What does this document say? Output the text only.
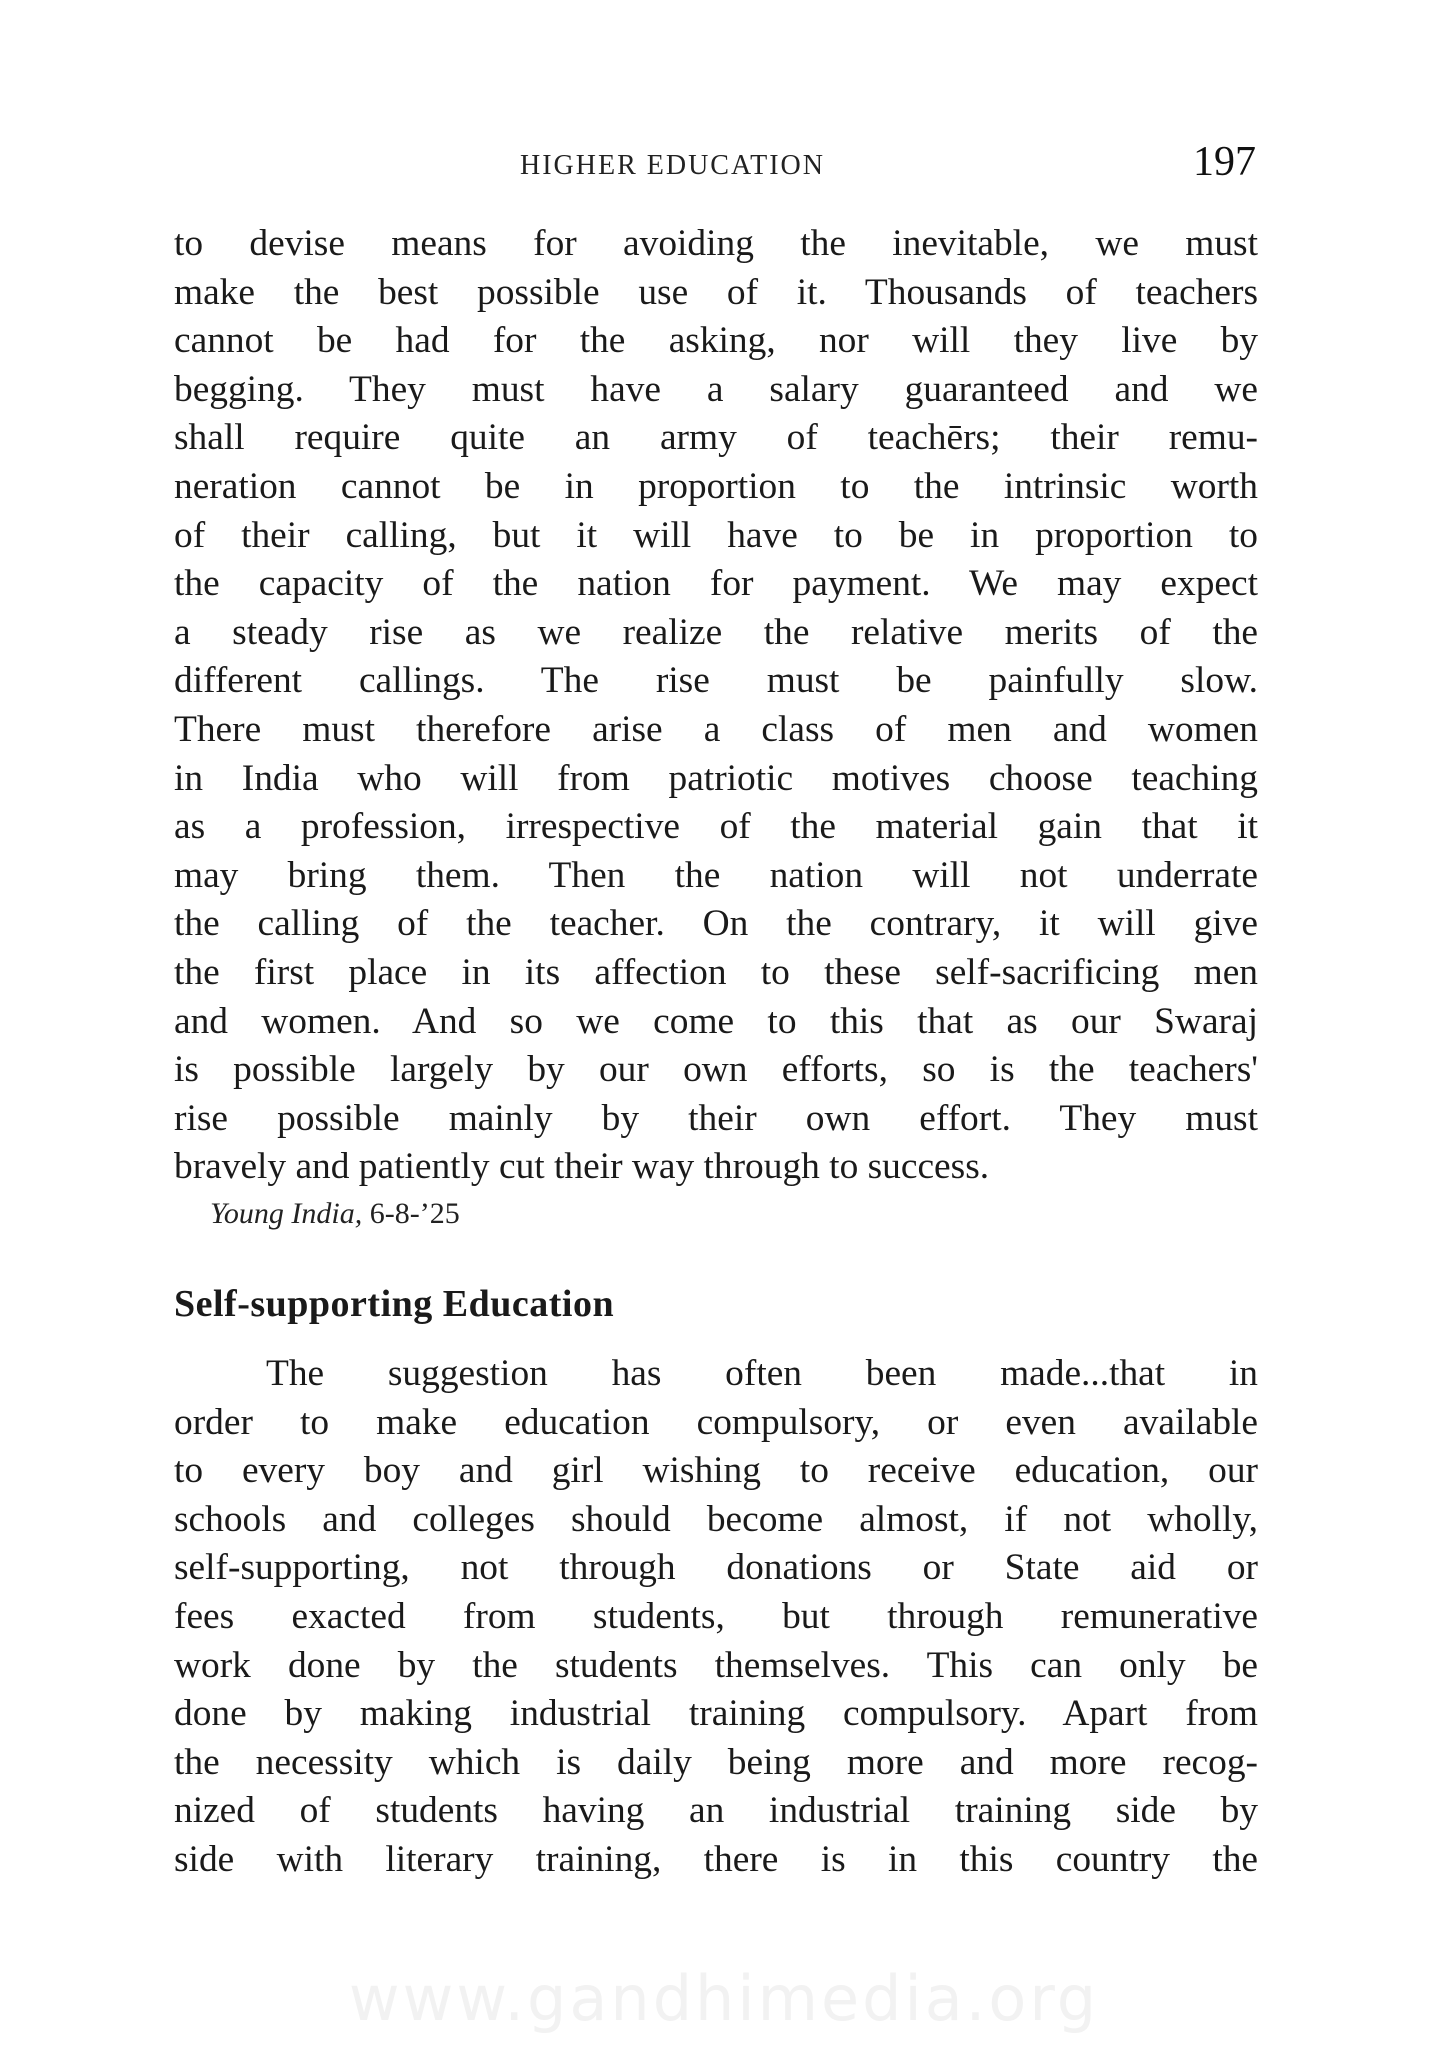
HIGHER EDUCATION	197

to devise means for avoiding the inevitable, we must

make the best possible use of it. Thousands of teachers

cannot be had for the asking, nor will they live by

begging. They must have a salary guaranteed and we

shall require quite an army of teachērs; their remu-

neration cannot be in proportion to the intrinsic worth

of their calling, but it will have to be in proportion to

the capacity of the nation for payment. We may expect

a steady rise as we realize the relative merits of the

different callings. The rise must be painfully slow.

There must therefore arise a class of men and women

in India who will from patriotic motives choose teaching

as a profession, irrespective of the material gain that it

may bring them. Then the nation will not underrate

the calling of the teacher. On the contrary, it will give

the first place in its affection to these self-sacrificing men

and women. And so we come to this that as our Swaraj

is possible largely by our own efforts, so is the teachers'

rise possible mainly by their own effort. They must

bravely and patiently cut their way through to success.

Young India, 6-8-’25
Self-supporting Education

The suggestion has often been made...that in

order to make education compulsory, or even available

to every boy and girl wishing to receive education, our

schools and colleges should become almost, if not wholly,

self-supporting, not through donations or State aid or

fees exacted from students, but through remunerative

work done by the students themselves. This can only be

done by making industrial training compulsory. Apart from

the necessity which is daily being more and more recog-

nized of students having an industrial training side by

side with literary training, there is in this country the

www.gandhimedia.org
